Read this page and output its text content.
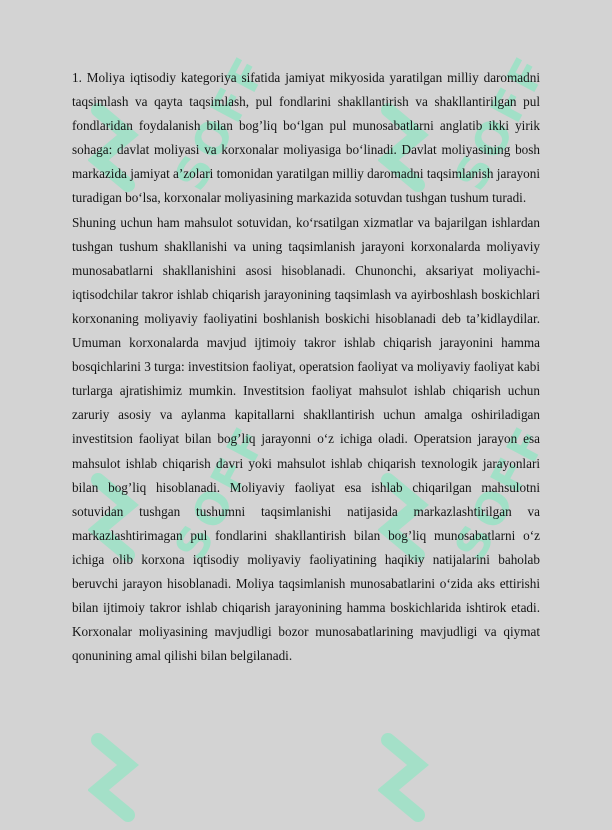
SOFF	SOFF
SOFF	SOFF

1. Moliya iqtisodiy kategoriya sifatida jamiyat mikyosida yaratilgan milliy daromadni taqsimlash va qayta taqsimlash, pul fondlarini shakllantirish va shakllantirilgan pul fondlaridan foydalanish bilan bog’liq bo‘lgan pul munosabatlarni anglatib ikki yirik sohaga: davlat moliyasi va korxonalar moliyasiga bo‘linadi. Davlat moliyasining bosh markazida jamiyat a’zolari tomonidan yaratilgan milliy daromadni taqsimlanish jarayoni turadigan bo‘lsa, korxonalar moliyasining markazida sotuvdan tushgan tushum turadi.

Shuning uchun ham mahsulot sotuvidan, ko‘rsatilgan xizmatlar va bajarilgan ishlardan tushgan tushum shakllanishi va uning taqsimlanish jarayoni korxonalarda moliyaviy munosabatlarni shakllanishini asosi hisoblanadi. Chunonchi, aksariyat moliyachi-iqtisodchilar takror ishlab chiqarish jarayonining taqsimlash va ayirboshlash boskichlari korxonaning moliyaviy faoliyatini boshlanish boskichi hisoblanadi deb ta’kidlaydilar. Umuman korxonalarda mavjud ijtimoiy takror ishlab chiqarish jarayonini hamma bosqichlarini 3 turga: investitsion faoliyat, operatsion faoliyat va moliyaviy faoliyat kabi turlarga ajratishimiz mumkin. Investitsion faoliyat mahsulot ishlab chiqarish uchun zaruriy asosiy va aylanma kapitallarni shakllantirish uchun amalga oshiriladigan investitsion faoliyat bilan bog’liq jarayonni o‘z ichiga oladi. Operatsion jarayon esa mahsulot ishlab chiqarish davri yoki mahsulot ishlab chiqarish texnologik jarayonlari bilan bog’liq hisoblanadi. Moliyaviy faoliyat esa ishlab chiqarilgan mahsulotni sotuvidan tushgan tushumni taqsimlanishi natijasida markazlashtirilgan va markazlashtirimagan pul fondlarini shakllantirish bilan bog’liq munosabatlarni o‘z ichiga olib korxona iqtisodiy moliyaviy faoliyatining haqikiy natijalarini baholab beruvchi jarayon hisoblanadi. Moliya taqsimlanish munosabatlarini o‘zida aks ettirishi bilan ijtimoiy takror ishlab chiqarish jarayonining hamma boskichlarida ishtirok etadi. Korxonalar moliyasining mavjudligi bozor munosabatlarining mavjudligi va qiymat qonunining amal qilishi bilan belgilanadi.
